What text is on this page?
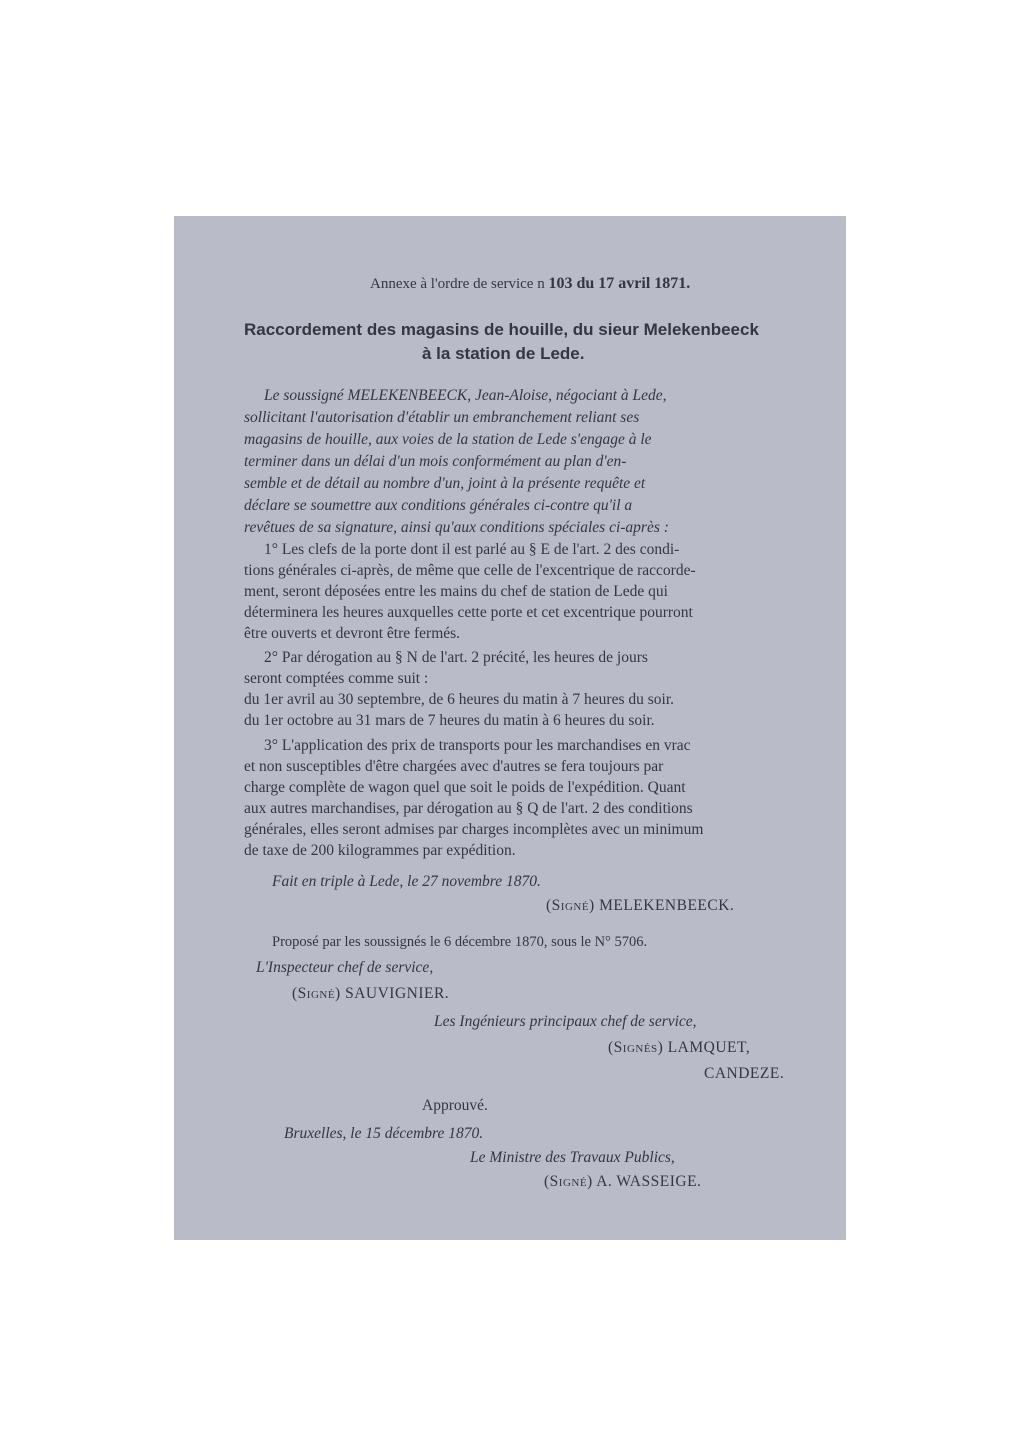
Annexe à l'ordre de service n 103 du 17 avril 1871.
Raccordement des magasins de houille, du sieur Melekenbeeck
à la station de Lede.
Le soussigné MELEKENBEECK, Jean-Aloise, négociant à Lede,
sollicitant l'autorisation d'établir un embranchement reliant ses
magasins de houille, aux voies de la station de Lede s'engage à le
terminer dans un délai d'un mois conformément au plan d'en-
semble et de détail au nombre d'un, joint à la présente requête et
déclare se soumettre aux conditions générales ci-contre qu'il a
revêtues de sa signature, ainsi qu'aux conditions spéciales ci-après :
1° Les clefs de la porte dont il est parlé au § E de l'art. 2 des condi-
tions générales ci-après, de même que celle de l'excentrique de raccorde-
ment, seront déposées entre les mains du chef de station de Lede qui
déterminera les heures auxquelles cette porte et cet excentrique pourront
être ouverts et devront être fermés.
2° Par dérogation au § N de l'art. 2 précité, les heures de jours
seront comptées comme suit :
du 1er avril au 30 septembre, de 6 heures du matin à 7 heures du soir.
du 1er octobre au 31 mars de 7 heures du matin à 6 heures du soir.
3° L'application des prix de transports pour les marchandises en vrac
et non susceptibles d'être chargées avec d'autres se fera toujours par
charge complète de wagon quel que soit le poids de l'expédition. Quant
aux autres marchandises, par dérogation au § Q de l'art. 2 des conditions
générales, elles seront admises par charges incomplètes avec un minimum
de taxe de 200 kilogrammes par expédition.
Fait en triple à Lede, le 27 novembre 1870.
(Signé) MELEKENBEECK.
Proposé par les soussignés le 6 décembre 1870, sous le N° 5706.
L'Inspecteur chef de service,
(Signé) SAUVIGNIER.
Les Ingénieurs principaux chef de service,
(Signés) LAMQUET,
CANDEZE.
Approuvé.
Bruxelles, le 15 décembre 1870.
Le Ministre des Travaux Publics,
(Signé) A. WASSEIGE.
